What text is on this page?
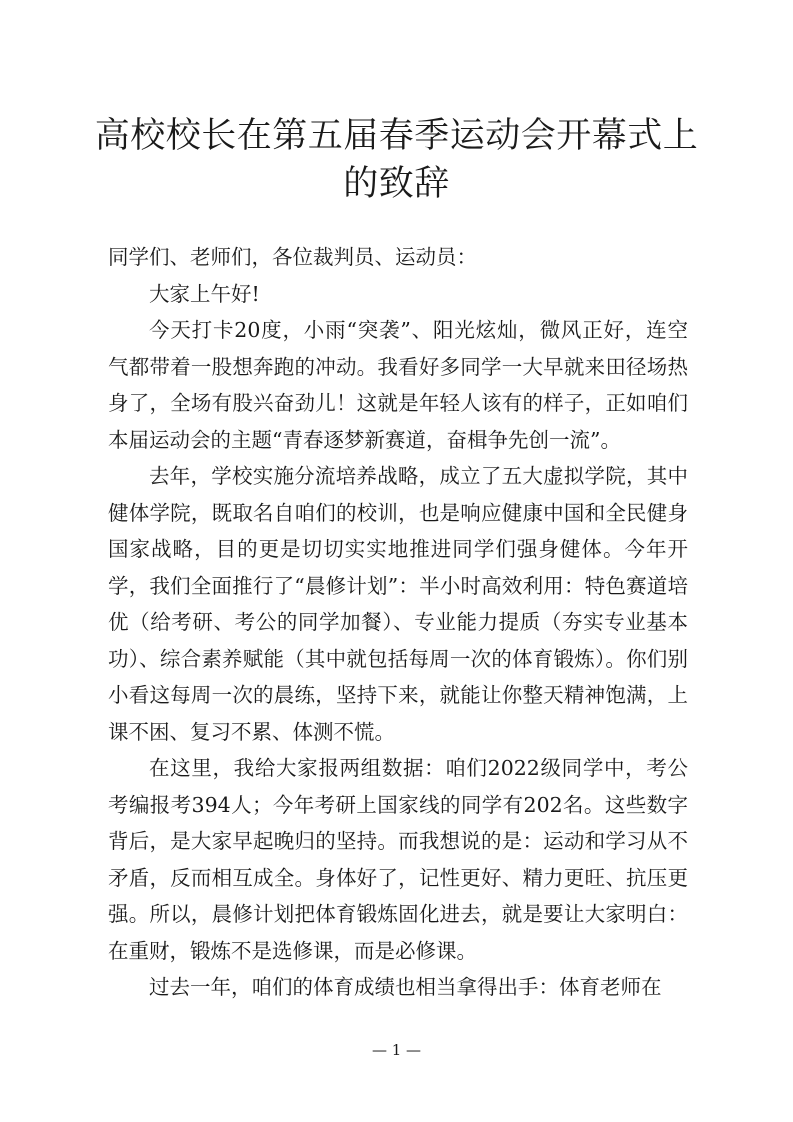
高校校长在第五届春季运动会开幕式上的致辞

同学们、老师们，各位裁判员、运动员：

大家上午好!

今天打卡20度，小雨“突袭”、阳光炫灿，微风正好，连空气都带着一股想奔跑的冲动。我看好多同学一大早就来田径场热身了，全场有股兴奋劲儿！这就是年轻人该有的样子，正如咱们本届运动会的主题“青春逐梦新赛道，奋楫争先创一流”。

去年，学校实施分流培养战略，成立了五大虚拟学院，其中健体学院，既取名自咱们的校训，也是响应健康中国和全民健身国家战略，目的更是切切实实地推进同学们强身健体。今年开学，我们全面推行了“晨修计划”：半小时高效利用：特色赛道培优（给考研、考公的同学加餐）、专业能力提质（夯实专业基本功）、综合素养赋能（其中就包括每周一次的体育锻炼）。你们别小看这每周一次的晨练，坚持下来，就能让你整天精神饱满，上课不困、复习不累、体测不慌。

在这里，我给大家报两组数据：咱们2022级同学中，考公考编报考394人；今年考研上国家线的同学有202名。这些数字背后，是大家早起晚归的坚持。而我想说的是：运动和学习从不矛盾，反而相互成全。身体好了，记性更好、精力更旺、抗压更强。所以，晨修计划把体育锻炼固化进去，就是要让大家明白：在重财，锻炼不是选修课，而是必修课。

过去一年，咱们的体育成绩也相当拿得出手：体育老师在

— 1 —
